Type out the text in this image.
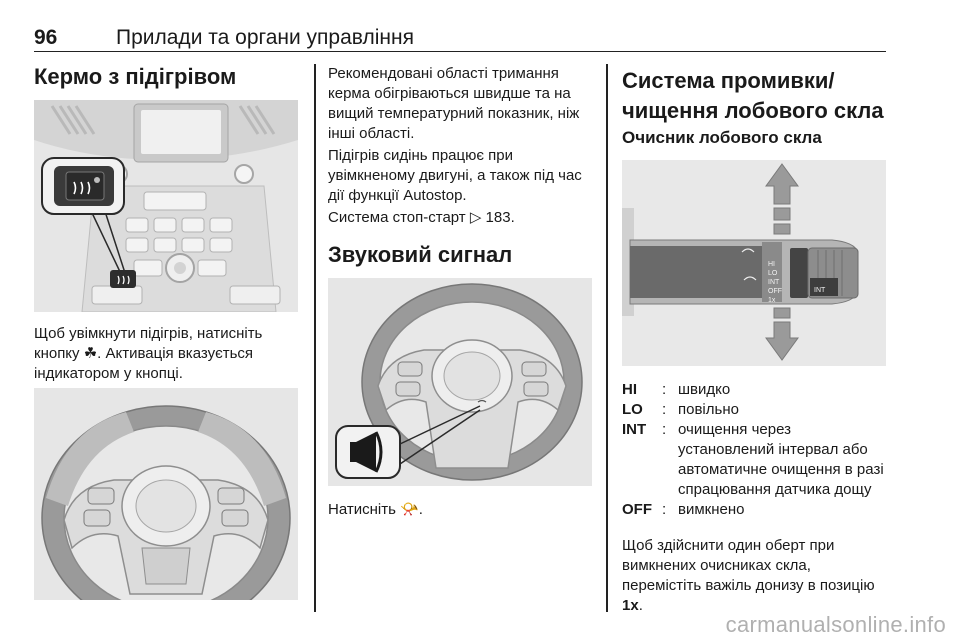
96	Прилади та органи управління
Кермо з підігрівом
Щоб увімкнути підігрів, натисніть кнопку ☘. Активація вказується індикатором у кнопці.
Рекомендовані області тримання керма обігріваються швидше та на вищий температурний показник, ніж інші області.
Підігрів сидінь працює при увімкненому двигуні, а також під час дії функції Autostop.
Система стоп-старт ▷ 183.
Звуковий сигнал
Натисніть 📯.
Система промивки/
чищення лобового скла
Очисник лобового скла
HI
LO
INT
OFF
1x
INT
HI	: швидко
LO	: повільно
INT	: очищення через установлений інтервал або автоматичне очищення в разі спрацювання датчика дощу
OFF : вимкнено
Щоб здійснити один оберт при вимкнених очисниках скла, перемістіть важіль донизу в позицію 1x.
carmanualsonline.info
